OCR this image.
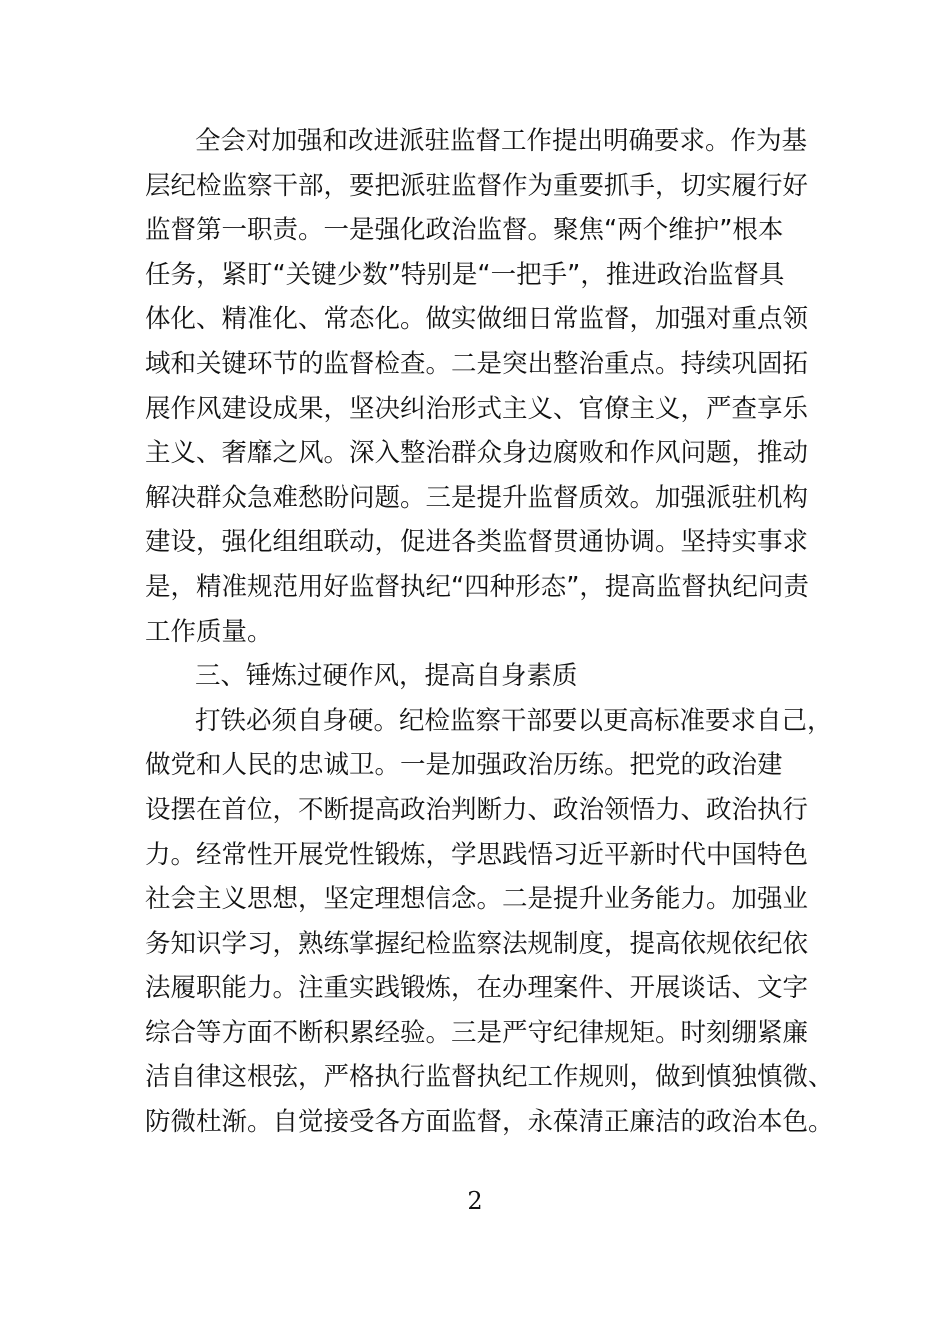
全会对加强和改进派驻监督工作提出明确要求。作为基
层纪检监察干部，要把派驻监督作为重要抓手，切实履行好
监督第一职责。一是强化政治监督。聚焦“两个维护”根本
任务，紧盯“关键少数”特别是“一把手”，推进政治监督具
体化、精准化、常态化。做实做细日常监督，加强对重点领
域和关键环节的监督检查。二是突出整治重点。持续巩固拓
展作风建设成果，坚决纠治形式主义、官僚主义，严查享乐
主义、奢靡之风。深入整治群众身边腐败和作风问题，推动
解决群众急难愁盼问题。三是提升监督质效。加强派驻机构
建设，强化组组联动，促进各类监督贯通协调。坚持实事求
是，精准规范用好监督执纪“四种形态”，提高监督执纪问责
工作质量。
三、锤炼过硬作风，提高自身素质
打铁必须自身硬。纪检监察干部要以更高标准要求自己，
做党和人民的忠诚卫。一是加强政治历练。把党的政治建
设摆在首位，不断提高政治判断力、政治领悟力、政治执行
力。经常性开展党性锻炼，学思践悟习近平新时代中国特色
社会主义思想，坚定理想信念。二是提升业务能力。加强业
务知识学习，熟练掌握纪检监察法规制度，提高依规依纪依
法履职能力。注重实践锻炼，在办理案件、开展谈话、文字
综合等方面不断积累经验。三是严守纪律规矩。时刻绷紧廉
洁自律这根弦，严格执行监督执纪工作规则，做到慎独慎微、
防微杜渐。自觉接受各方面监督，永葆清正廉洁的政治本色。
2
